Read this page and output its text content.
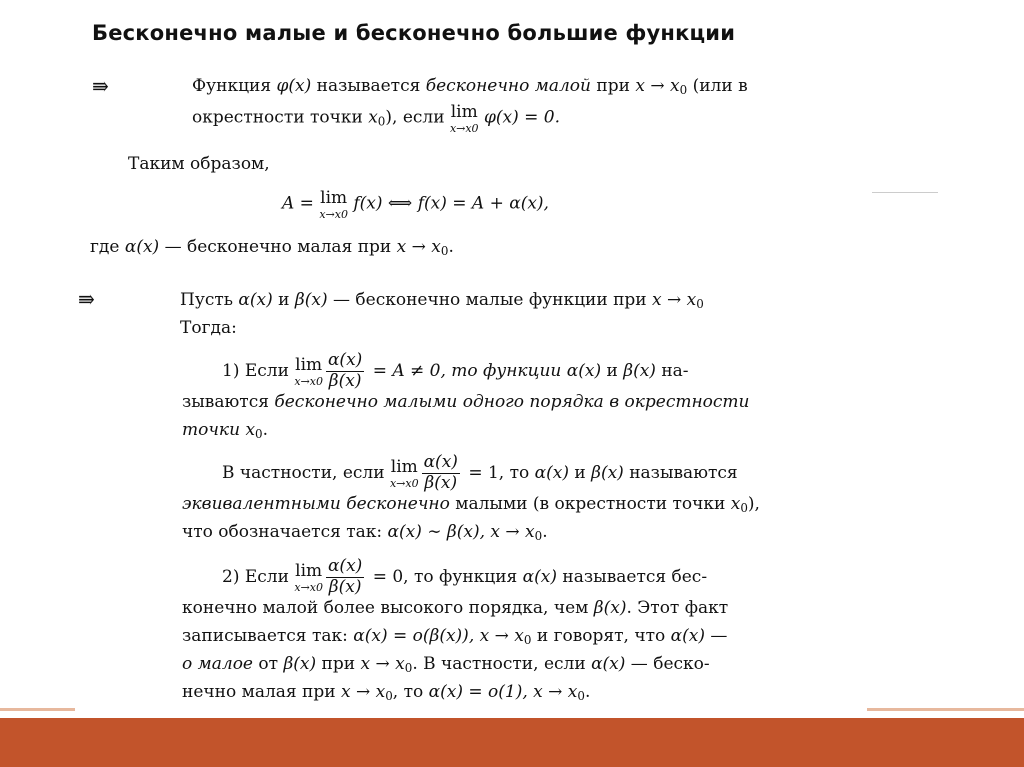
Бесконечно малые и бесконечно большие функции
⇛	Функция φ(x) называется бесконечно малой при $x \to x_0$ (или в
окрестности точки $x_0$), если lim
x→x0
φ(x) = 0.
Таким образом,
A = lim
x→x0
f(x) ⟺ f(x) = A + α(x),
где α(x) — бесконечно малая при $x \to x_0$.
⇛	Пусть α(x) и β(x) — бесконечно малые функции при $x \to x_0$
Тогда:
1) Если lim
$x\to x0 \frac{\alpha(x)}{\beta(x)} = A \ne 0$, то функции α(x) и β(x) на-
зываются бесконечно малыми одного порядка в окрестности
точки $x_0$.
В частности, если lim
$x\to x0 \frac{\alpha(x)}{\beta(x)} = 1$, то α(x) и β(x) называются
эквивалентными бесконечно малыми (в окрестности точки $x_0$),
что обозначается так: α(x) ∼ β(x), $x \to x_0$.
2) Если lim
$x\to x0 \frac{\alpha(x)}{\beta(x)} = 0$, то функция α(x) называется бес-
конечно малой более высокого порядка, чем β(x). Этот факт
записывается так: α(x) = o(β(x)), $x \to x_0$ и говорят, что α(x) —
o малое от β(x) при $x \to x_0$. В частности, если α(x) — беско-
нечно малая при $x \to x_0$, то α(x) = o(1), $x \to x_0$.
